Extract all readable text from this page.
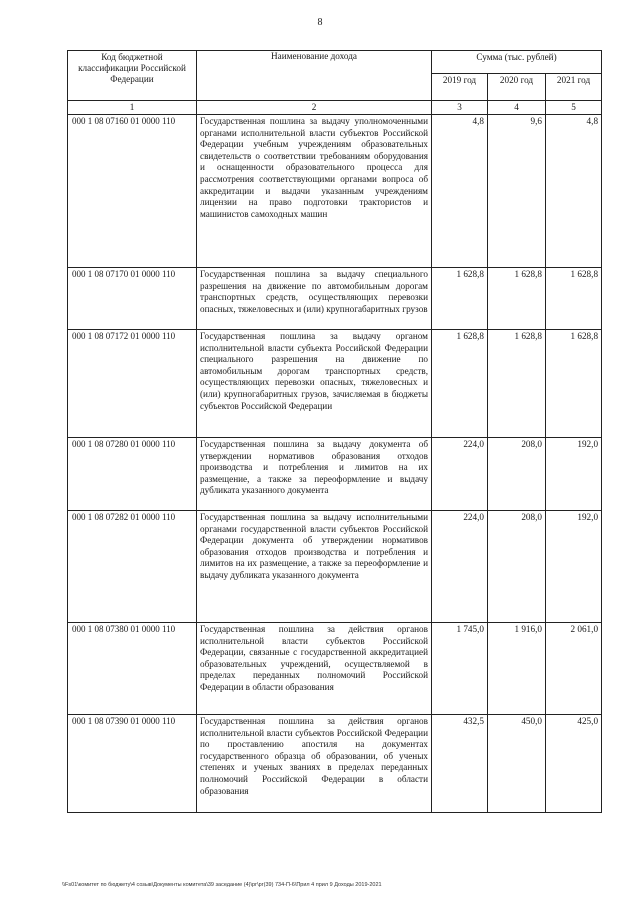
8
Код бюджетной классификации Российской Федерации	Наименование дохода	Сумма (тыс. рублей)		
		2019 год	2020 год	2021 год
1	2	3	4	5
000 1 08 07160 01 0000 110	Государственная пошлина за выдачу уполномоченными органами исполнительной власти субъектов Российской Федерации учебным учреждениям образовательных свидетельств о соответствии требованиям оборудования и оснащенности образовательного процесса для рассмотрения соответствующими органами вопроса об аккредитации и выдачи указанным учреждениям лицензии на право подготовки трактористов и машинистов самоходных машин	4,8	9,6	4,8
000 1 08 07170 01 0000 110	Государственная пошлина за выдачу специального разрешения на движение по автомобильным дорогам транспортных средств, осуществляющих перевозки опасных, тяжеловесных и (или) крупногабаритных грузов	1 628,8	1 628,8	1 628,8
000 1 08 07172 01 0000 110	Государственная пошлина за выдачу органом исполнительной власти субъекта Российской Федерации специального разрешения на движение по автомобильным дорогам транспортных средств, осуществляющих перевозки опасных, тяжеловесных и (или) крупногабаритных грузов, зачисляемая в бюджеты субъектов Российской Федерации	1 628,8	1 628,8	1 628,8
000 1 08 07280 01 0000 110	Государственная пошлина за выдачу документа об утверждении нормативов образования отходов производства и потребления и лимитов на их размещение, а также за переоформление и выдачу дубликата указанного документа	224,0	208,0	192,0
000 1 08 07282 01 0000 110	Государственная пошлина за выдачу исполнительными органами государственной власти субъектов Российской Федерации документа об утверждении нормативов образования отходов производства и потребления и лимитов на их размещение, а также за переоформление и выдачу дубликата указанного документа	224,0	208,0	192,0
000 1 08 07380 01 0000 110	Государственная пошлина за действия органов исполнительной власти субъектов Российской Федерации, связанные с государственной аккредитацией образовательных учреждений, осуществляемой в пределах переданных полномочий Российской Федерации в области образования	1 745,0	1 916,0	2 061,0
000 1 08 07390 01 0000 110	Государственная пошлина за действия органов исполнительной власти субъектов Российской Федерации по проставлению апостиля на документах государственного образца об образовании, об ученых степенях и ученых званиях в пределах переданных полномочий Российской Федерации в области образования	432,5	450,0	425,0
\\Fs01\комитет по бюджету\4 созыв\Документы комитета\39 заседание (4)\рг\рг(39) 734-П-6\Прил 4 прил 9 Доходы 2019-2021
